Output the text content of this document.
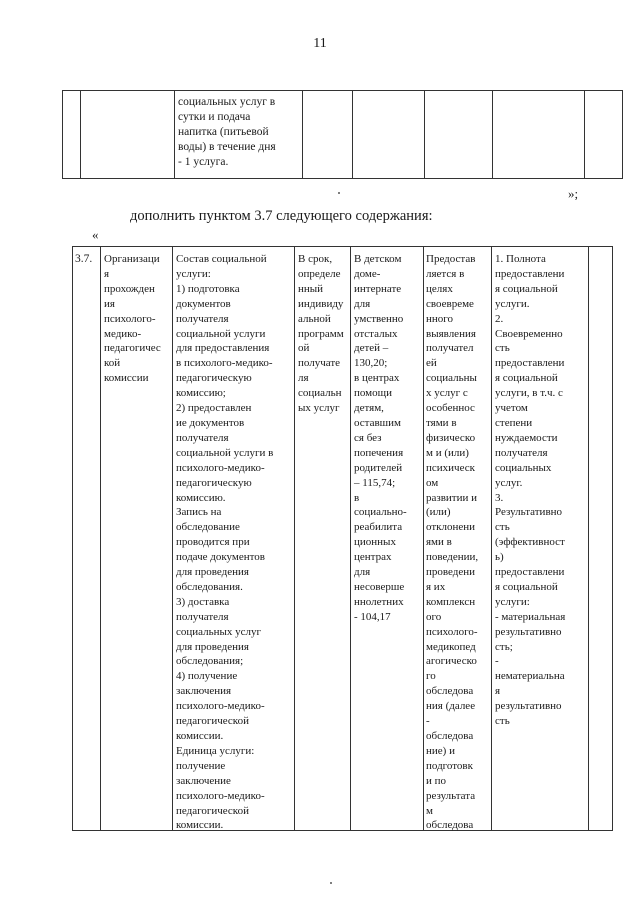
11
социальных услуг в
сутки и подача
напитка (питьевой
воды) в течение дня
- 1 услуга.
»;
дополнить пунктом 3.7 следующего содержания:
«
3.7.	Организаци
я
прохожден
ия
психолого-
медико-
педагогичес
кой
комиссии
Состав социальной
услуги:
1) подготовка
документов
получателя
социальной услуги
для предоставления
в психолого-медико-
педагогическую
комиссию;
2) предоставлен
ие документов
получателя
социальной услуги в
психолого-медико-
педагогическую
комиссию.
Запись на
обследование
проводится при
подаче документов
для проведения
обследования.
3) доставка
получателя
социальных услуг
для проведения
обследования;
4) получение
заключения
психолого-медико-
педагогической
комиссии.
Единица услуги:
получение
заключение
психолого-медико-
педагогической
комиссии.
В срок,
определе
нный
индивиду
альной
программ
ой
получате
ля
социальн
ых услуг
В детском
доме-
интернате
для
умственно
отсталых
детей –
130,20;
в центрах
помощи
детям,
оставшим
ся без
попечения
родителей
– 115,74;
в
социально-
реабилита
ционных
центрах
для
несоверше
ннолетних
- 104,17
Предостав
ляется в
целях
своевреме
нного
выявления
получател
ей
социальны
х услуг с
особеннос
тями в
физическо
м и (или)
психическ
ом
развитии и
(или)
отклонени
ями в
поведении,
проведени
я их
комплексн
ого
психолого-
медикопед
агогическо
го
обследова
ния (далее
-
обследова
ние) и
подготовк
и по
результата
м
обследова
1. Полнота
предоставлени
я социальной
услуги.
2.
Своевременно
сть
предоставлени
я социальной
услуги, в т.ч. с
учетом
степени
нуждаемости
получателя
социальных
услуг.
3.
Результативно
сть
(эффективност
ь)
предоставлени
я социальной
услуги:
- материальная
результативно
сть;
-
нематериальна
я
результативно
сть
